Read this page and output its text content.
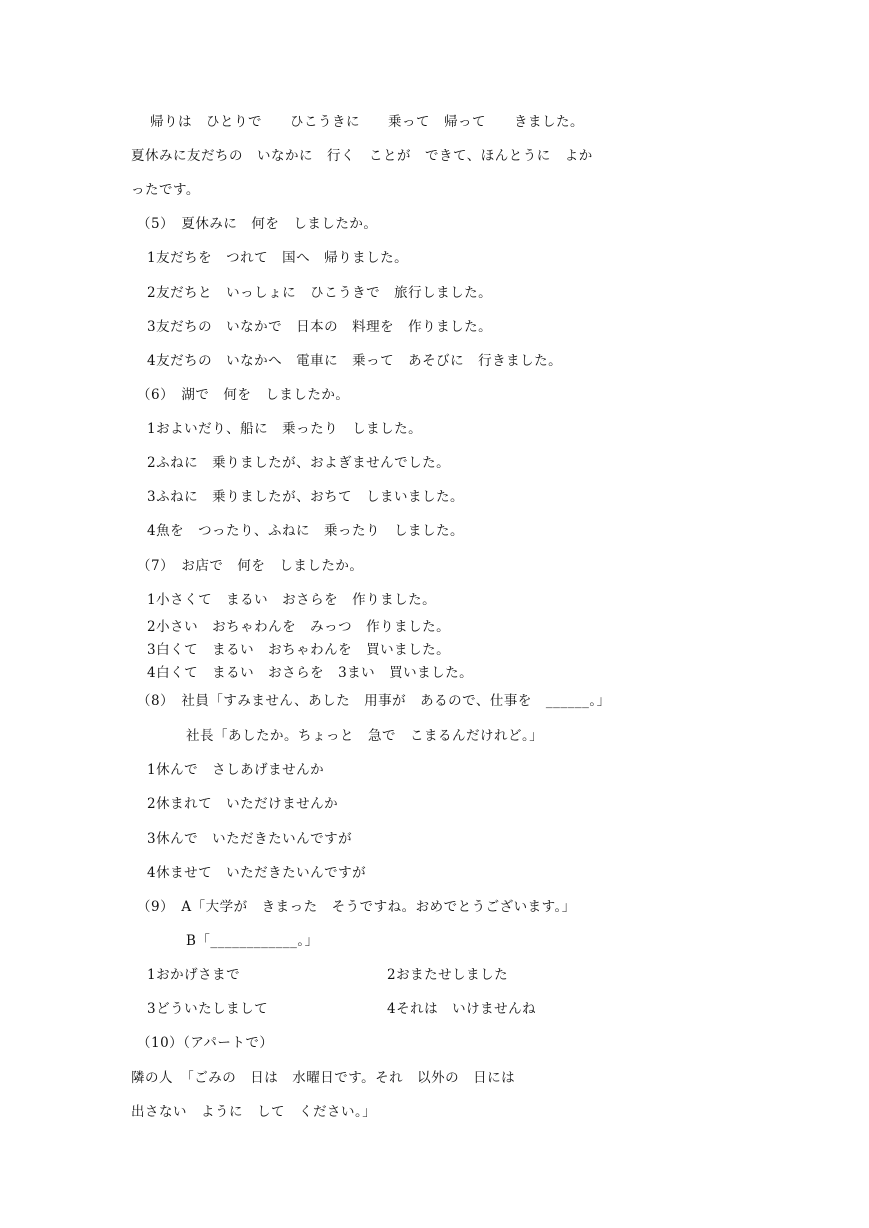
　帰りは　ひとりで　　ひこうきに　　乗って　帰って　　きました。
夏休みに友だちの　いなかに　行く　ことが　できて、ほんとうに　よか
ったです。
（5）　夏休みに　何を　しましたか。
1友だちを　つれて　国へ　帰りました。
2友だちと　いっしょに　ひこうきで　旅行しました。
3友だちの　いなかで　日本の　料理を　作りました。
4友だちの　いなかへ　電車に　乗って　あそびに　行きました。
（6）　湖で　何を　しましたか。
1およいだり、船に　乗ったり　しました。
2ふねに　乗りましたが、およぎませんでした。
3ふねに　乗りましたが、おちて　しまいました。
4魚を　つったり、ふねに　乗ったり　しました。
（7）　お店で　何を　しましたか。
1小さくて　まるい　おさらを　作りました。
2小さい　おちゃわんを　みっつ　作りました。
3白くて　まるい　おちゃわんを　買いました。
4白くて　まるい　おさらを　3まい　買いました。
（8）　社員「すみません、あした　用事が　あるので、仕事を　______。」
社長「あしたか。ちょっと　急で　こまるんだけれど。」
1休んで　さしあげませんか
2休まれて　いただけませんか
3休んで　いただきたいんですが
4休ませて　いただきたいんですが
（9）　A「大学が　きまった　そうですね。おめでとうございます。」
B「____________。」
1おかげさまで	2おまたせしました
3どういたしまして	4それは　いけませんね
（10）（アパートで）
隣の人　「ごみの　日は　水曜日です。それ　以外の　日には
出さない　ように　して　ください。」
